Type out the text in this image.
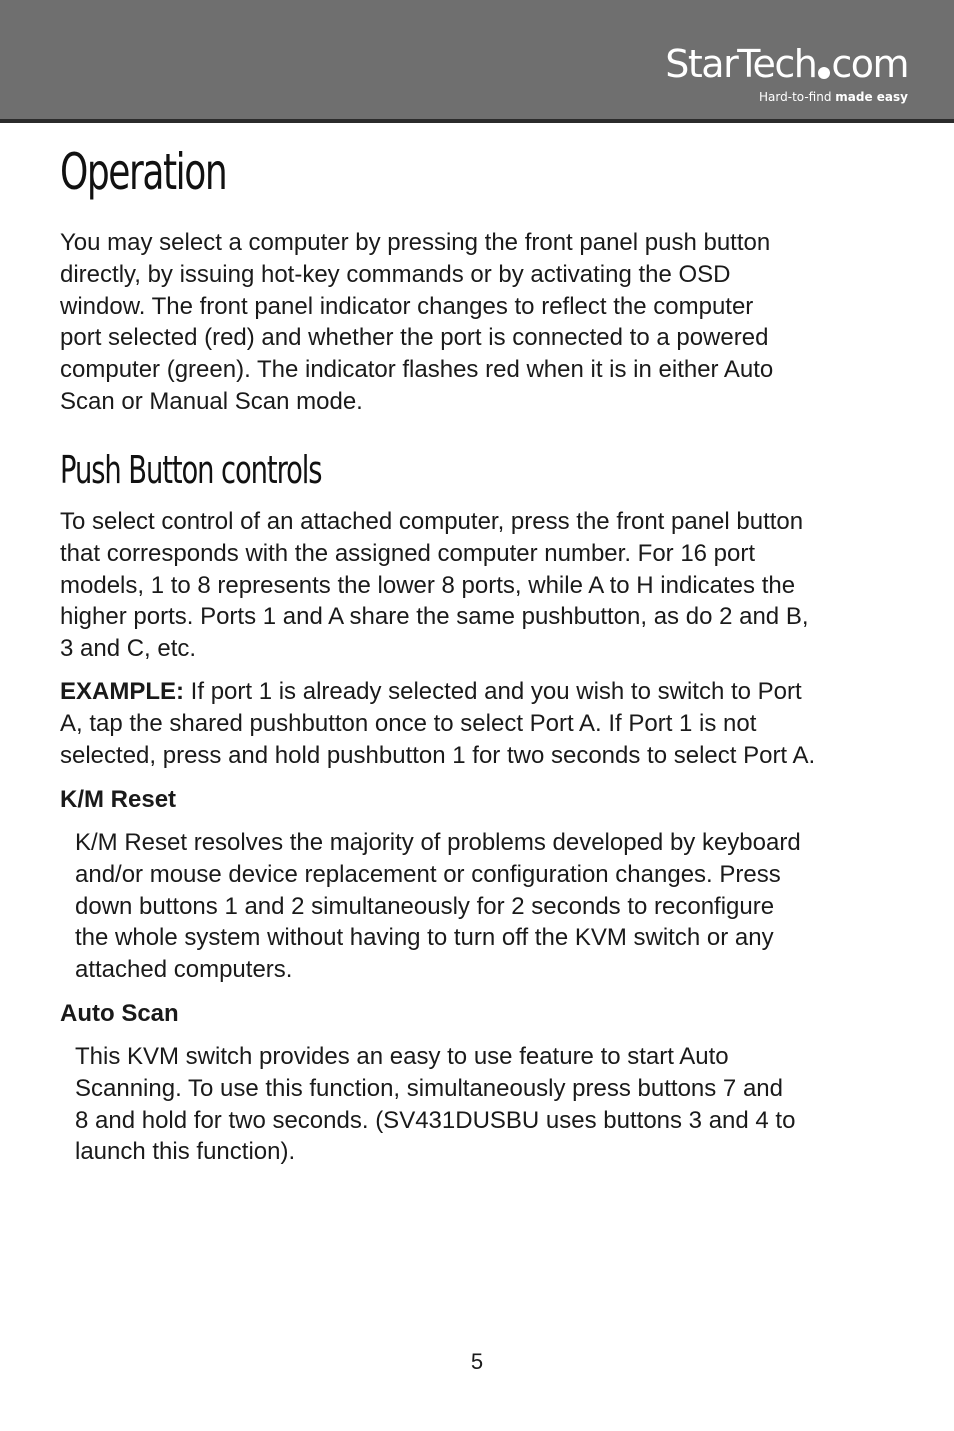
StarTech com
Hard-to-find made easy
Operation

You may select a computer by pressing the front panel push button
directly, by issuing hot-key commands or by activating the OSD
window. The front panel indicator changes to reflect the computer
port selected (red) and whether the port is connected to a powered
computer (green). The indicator flashes red when it is in either Auto
Scan or Manual Scan mode.

Push Button controls

To select control of an attached computer, press the front panel button
that corresponds with the assigned computer number. For 16 port
models, 1 to 8 represents the lower 8 ports, while A to H indicates the
higher ports. Ports 1 and A share the same pushbutton, as do 2 and B,
3 and C, etc.

EXAMPLE: If port 1 is already selected and you wish to switch to Port
A, tap the shared pushbutton once to select Port A. If Port 1 is not
selected, press and hold pushbutton 1 for two seconds to select Port A.

K/M Reset

K/M Reset resolves the majority of problems developed by keyboard
and/or mouse device replacement or configuration changes. Press
down buttons 1 and 2 simultaneously for 2 seconds to reconfigure
the whole system without having to turn off the KVM switch or any
attached computers.

Auto Scan

This KVM switch provides an easy to use feature to start Auto
Scanning. To use this function, simultaneously press buttons 7 and
8 and hold for two seconds. (SV431DUSBU uses buttons 3 and 4 to
launch this function).

5
